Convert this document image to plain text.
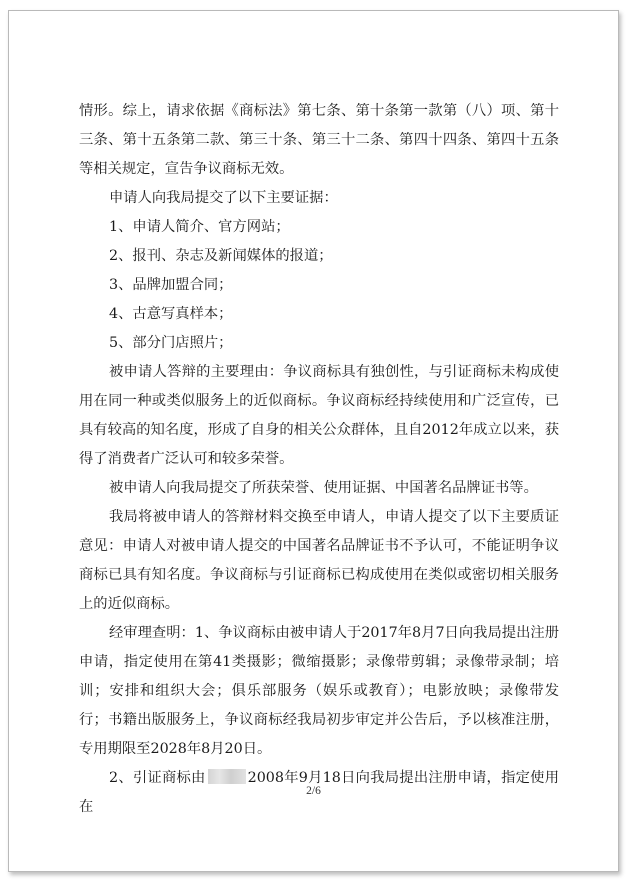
情形。综上，请求依据《商标法》第七条、第十条第一款第（八）项、第十
三条、第十五条第二款、第三十条、第三十二条、第四十四条、第四十五条
等相关规定，宣告争议商标无效。
申请人向我局提交了以下主要证据：
1、申请人简介、官方网站；
2、报刊、杂志及新闻媒体的报道；
3、品牌加盟合同；
4、古意写真样本；
5、部分门店照片；
被申请人答辩的主要理由：争议商标具有独创性，与引证商标未构成使
用在同一种或类似服务上的近似商标。争议商标经持续使用和广泛宣传，已
具有较高的知名度，形成了自身的相关公众群体，且自2012年成立以来，获
得了消费者广泛认可和较多荣誉。
被申请人向我局提交了所获荣誉、使用证据、中国著名品牌证书等。
我局将被申请人的答辩材料交换至申请人，申请人提交了以下主要质证
意见：申请人对被申请人提交的中国著名品牌证书不予认可，不能证明争议
商标已具有知名度。争议商标与引证商标已构成使用在类似或密切相关服务
上的近似商标。
经审理查明：1、争议商标由被申请人于2017年8月7日向我局提出注册
申请，指定使用在第41类摄影；微缩摄影；录像带剪辑；录像带录制；培
训；安排和组织大会；俱乐部服务（娱乐或教育）；电影放映；录像带发
行；书籍出版服务上，争议商标经我局初步审定并公告后，予以核准注册，
专用期限至2028年8月20日。
2、引证商标由	2008年9月18日向我局提出注册申请，指定使用在
2/6
